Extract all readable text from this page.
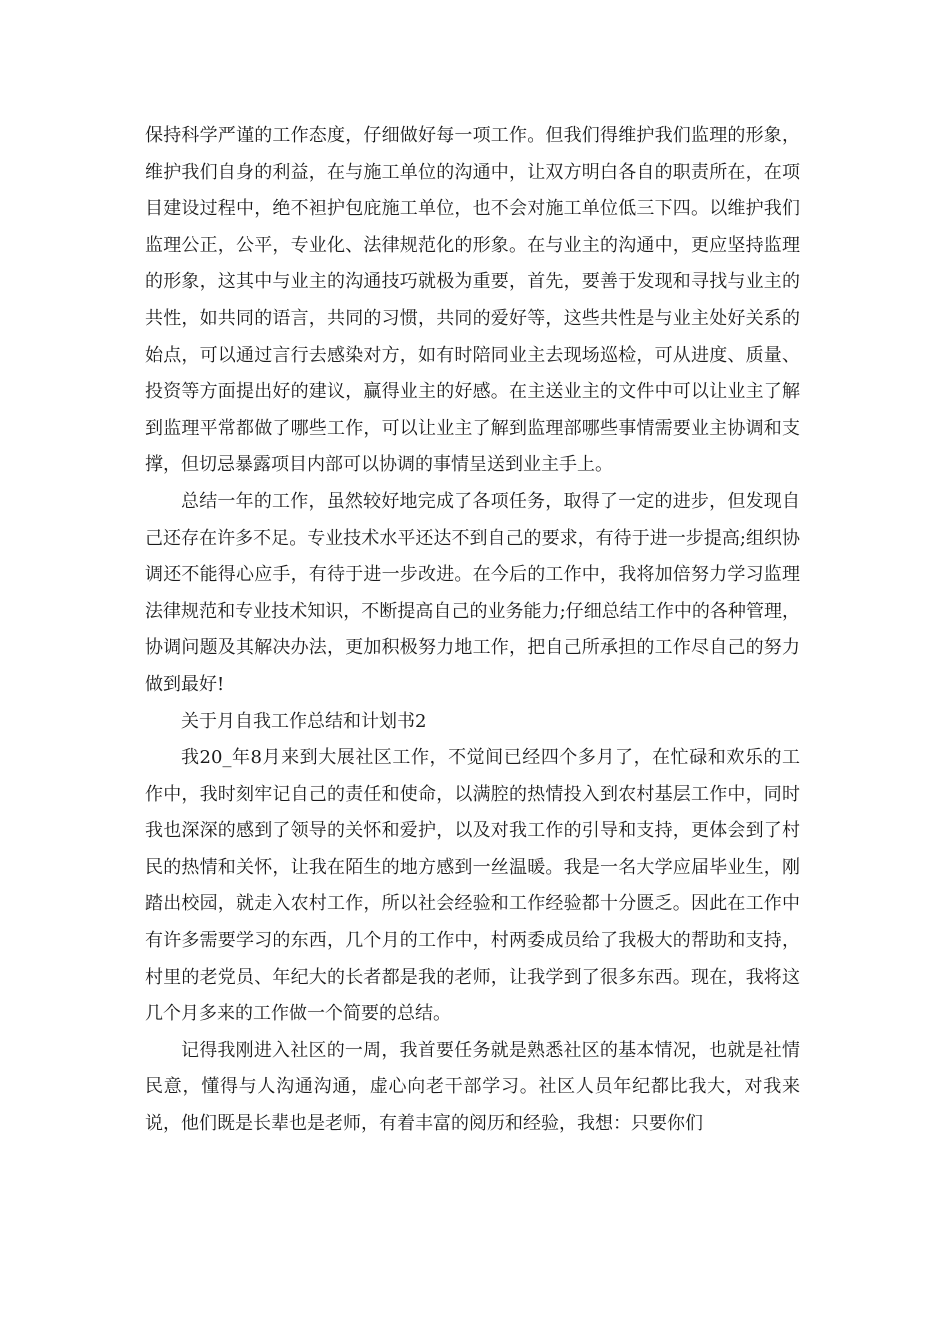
保持科学严谨的工作态度，仔细做好每一项工作。但我们得维护我们监理的形象，维护我们自身的利益，在与施工单位的沟通中，让双方明白各自的职责所在，在项目建设过程中，绝不袒护包庇施工单位，也不会对施工单位低三下四。以维护我们监理公正，公平，专业化、法律规范化的形象。在与业主的沟通中，更应坚持监理的形象，这其中与业主的沟通技巧就极为重要，首先，要善于发现和寻找与业主的共性，如共同的语言，共同的习惯，共同的爱好等，这些共性是与业主处好关系的始点，可以通过言行去感染对方，如有时陪同业主去现场巡检，可从进度、质量、投资等方面提出好的建议，赢得业主的好感。在主送业主的文件中可以让业主了解到监理平常都做了哪些工作，可以让业主了解到监理部哪些事情需要业主协调和支撑，但切忌暴露项目内部可以协调的事情呈送到业主手上。

总结一年的工作，虽然较好地完成了各项任务，取得了一定的进步，但发现自己还存在许多不足。专业技术水平还达不到自己的要求，有待于进一步提高;组织协调还不能得心应手，有待于进一步改进。在今后的工作中，我将加倍努力学习监理法律规范和专业技术知识，不断提高自己的业务能力;仔细总结工作中的各种管理，协调问题及其解决办法，更加积极努力地工作，把自己所承担的工作尽自己的努力做到最好!

关于月自我工作总结和计划书2

我20_年8月来到大展社区工作，不觉间已经四个多月了，在忙碌和欢乐的工作中，我时刻牢记自己的责任和使命，以满腔的热情投入到农村基层工作中，同时我也深深的感到了领导的关怀和爱护，以及对我工作的引导和支持，更体会到了村民的热情和关怀，让我在陌生的地方感到一丝温暖。我是一名大学应届毕业生，刚踏出校园，就走入农村工作，所以社会经验和工作经验都十分匮乏。因此在工作中有许多需要学习的东西，几个月的工作中，村两委成员给了我极大的帮助和支持，村里的老党员、年纪大的长者都是我的老师，让我学到了很多东西。现在，我将这几个月多来的工作做一个简要的总结。

记得我刚进入社区的一周，我首要任务就是熟悉社区的基本情况，也就是社情民意，懂得与人沟通沟通，虚心向老干部学习。社区人员年纪都比我大，对我来说，他们既是长辈也是老师，有着丰富的阅历和经验，我想：只要你们
